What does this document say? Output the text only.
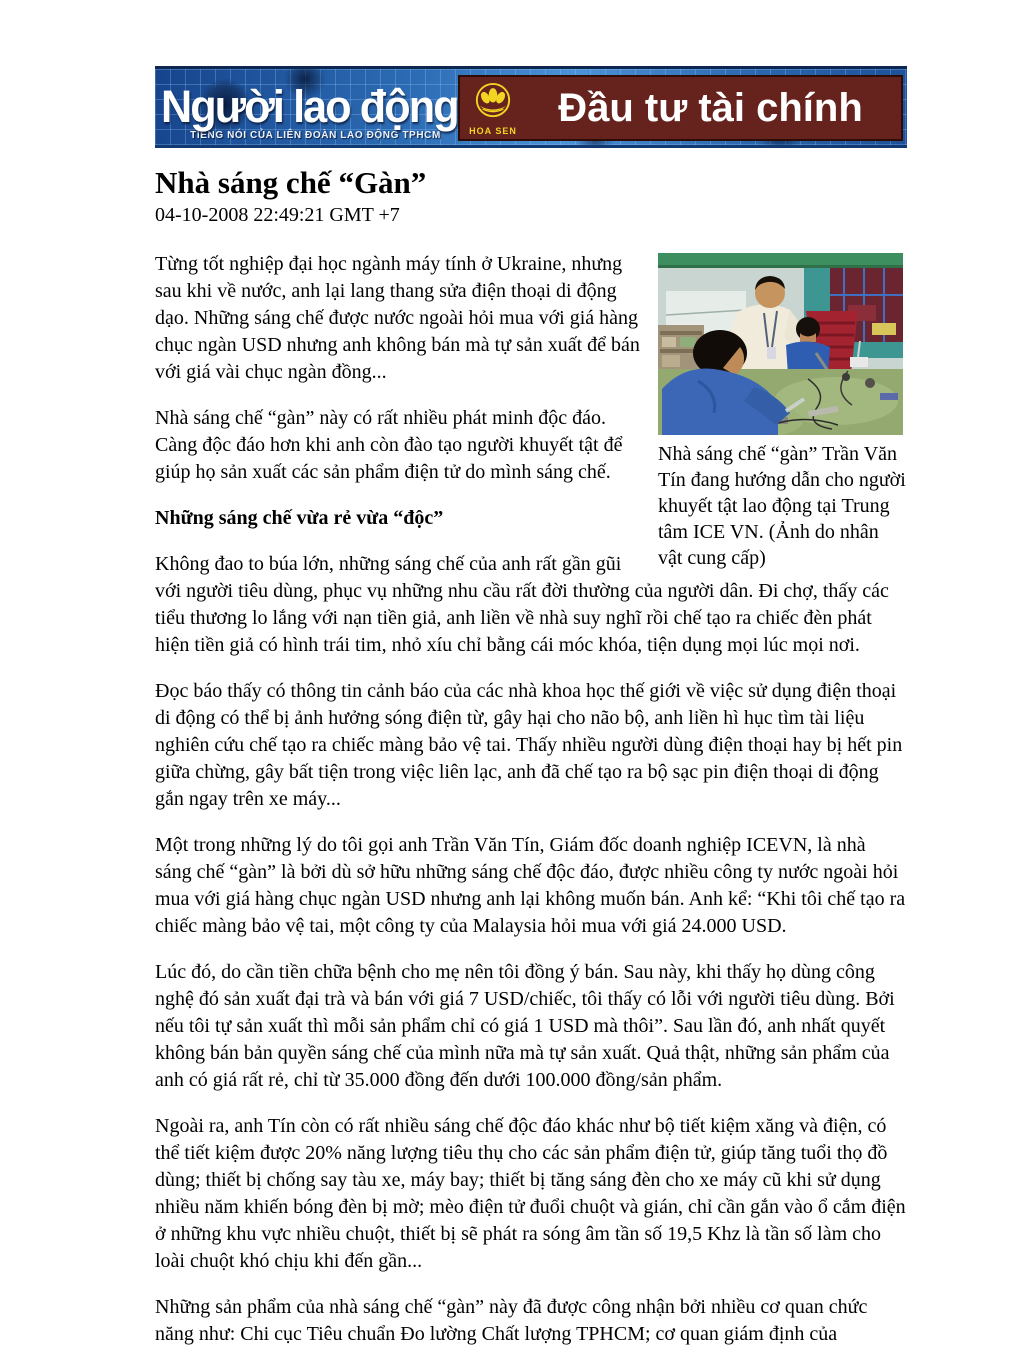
Người lao động
TIẾNG NÓI CỦA LIÊN ĐOÀN LAO ĐỘNG TPHCM	HOA SEN
Đầu tư tài chính
Nhà sáng chế “Gàn”
04-10-2008 22:49:21 GMT +7
Nhà sáng chế “gàn” Trần Văn Tín đang hướng dẫn cho người khuyết tật lao động tại Trung tâm ICE VN. (Ảnh do nhân vật cung cấp)

Từng tốt nghiệp đại học ngành máy tính ở Ukraine, nhưng sau khi về nước, anh lại lang thang sửa điện thoại di động dạo. Những sáng chế được nước ngoài hỏi mua với giá hàng chục ngàn USD nhưng anh không bán mà tự sản xuất để bán với giá vài chục ngàn đồng...

Nhà sáng chế “gàn” này có rất nhiều phát minh độc đáo. Càng độc đáo hơn khi anh còn đào tạo người khuyết tật để giúp họ sản xuất các sản phẩm điện tử do mình sáng chế.

Những sáng chế vừa rẻ vừa “độc”

Không đao to búa lớn, những sáng chế của anh rất gần gũi với người tiêu dùng, phục vụ những nhu cầu rất đời thường của người dân. Đi chợ, thấy các tiểu thương lo lắng với nạn tiền giả, anh liền về nhà suy nghĩ rồi chế tạo ra chiếc đèn phát hiện tiền giả có hình trái tim, nhỏ xíu chỉ bằng cái móc khóa, tiện dụng mọi lúc mọi nơi.

Đọc báo thấy có thông tin cảnh báo của các nhà khoa học thế giới về việc sử dụng điện thoại di động có thể bị ảnh hưởng sóng điện từ, gây hại cho não bộ, anh liền hì hục tìm tài liệu nghiên cứu chế tạo ra chiếc màng bảo vệ tai. Thấy nhiều người dùng điện thoại hay bị hết pin giữa chừng, gây bất tiện trong việc liên lạc, anh đã chế tạo ra bộ sạc pin điện thoại di động gắn ngay trên xe máy...

Một trong những lý do tôi gọi anh Trần Văn Tín, Giám đốc doanh nghiệp ICEVN, là nhà sáng chế “gàn” là bởi dù sở hữu những sáng chế độc đáo, được nhiều công ty nước ngoài hỏi mua với giá hàng chục ngàn USD nhưng anh lại không muốn bán. Anh kể: “Khi tôi chế tạo ra chiếc màng bảo vệ tai, một công ty của Malaysia hỏi mua với giá 24.000 USD.

Lúc đó, do cần tiền chữa bệnh cho mẹ nên tôi đồng ý bán. Sau này, khi thấy họ dùng công nghệ đó sản xuất đại trà và bán với giá 7 USD/chiếc, tôi thấy có lỗi với người tiêu dùng. Bởi nếu tôi tự sản xuất thì mỗi sản phẩm chỉ có giá 1 USD mà thôi”. Sau lần đó, anh nhất quyết không bán bản quyền sáng chế của mình nữa mà tự sản xuất. Quả thật, những sản phẩm của anh có giá rất rẻ, chỉ từ 35.000 đồng đến dưới 100.000 đồng/sản phẩm.

Ngoài ra, anh Tín còn có rất nhiều sáng chế độc đáo khác như bộ tiết kiệm xăng và điện, có thể tiết kiệm được 20% năng lượng tiêu thụ cho các sản phẩm điện tử, giúp tăng tuổi thọ đồ dùng; thiết bị chống say tàu xe, máy bay; thiết bị tăng sáng đèn cho xe máy cũ khi sử dụng nhiều năm khiến bóng đèn bị mờ; mèo điện tử đuổi chuột và gián, chỉ cần gắn vào ổ cắm điện ở những khu vực nhiều chuột, thiết bị sẽ phát ra sóng âm tần số 19,5 Khz là tần số làm cho loài chuột khó chịu khi đến gần...

Những sản phẩm của nhà sáng chế “gàn” này đã được công nhận bởi nhiều cơ quan chức năng như: Chi cục Tiêu chuẩn Đo lường Chất lượng TPHCM; cơ quan giám định của
